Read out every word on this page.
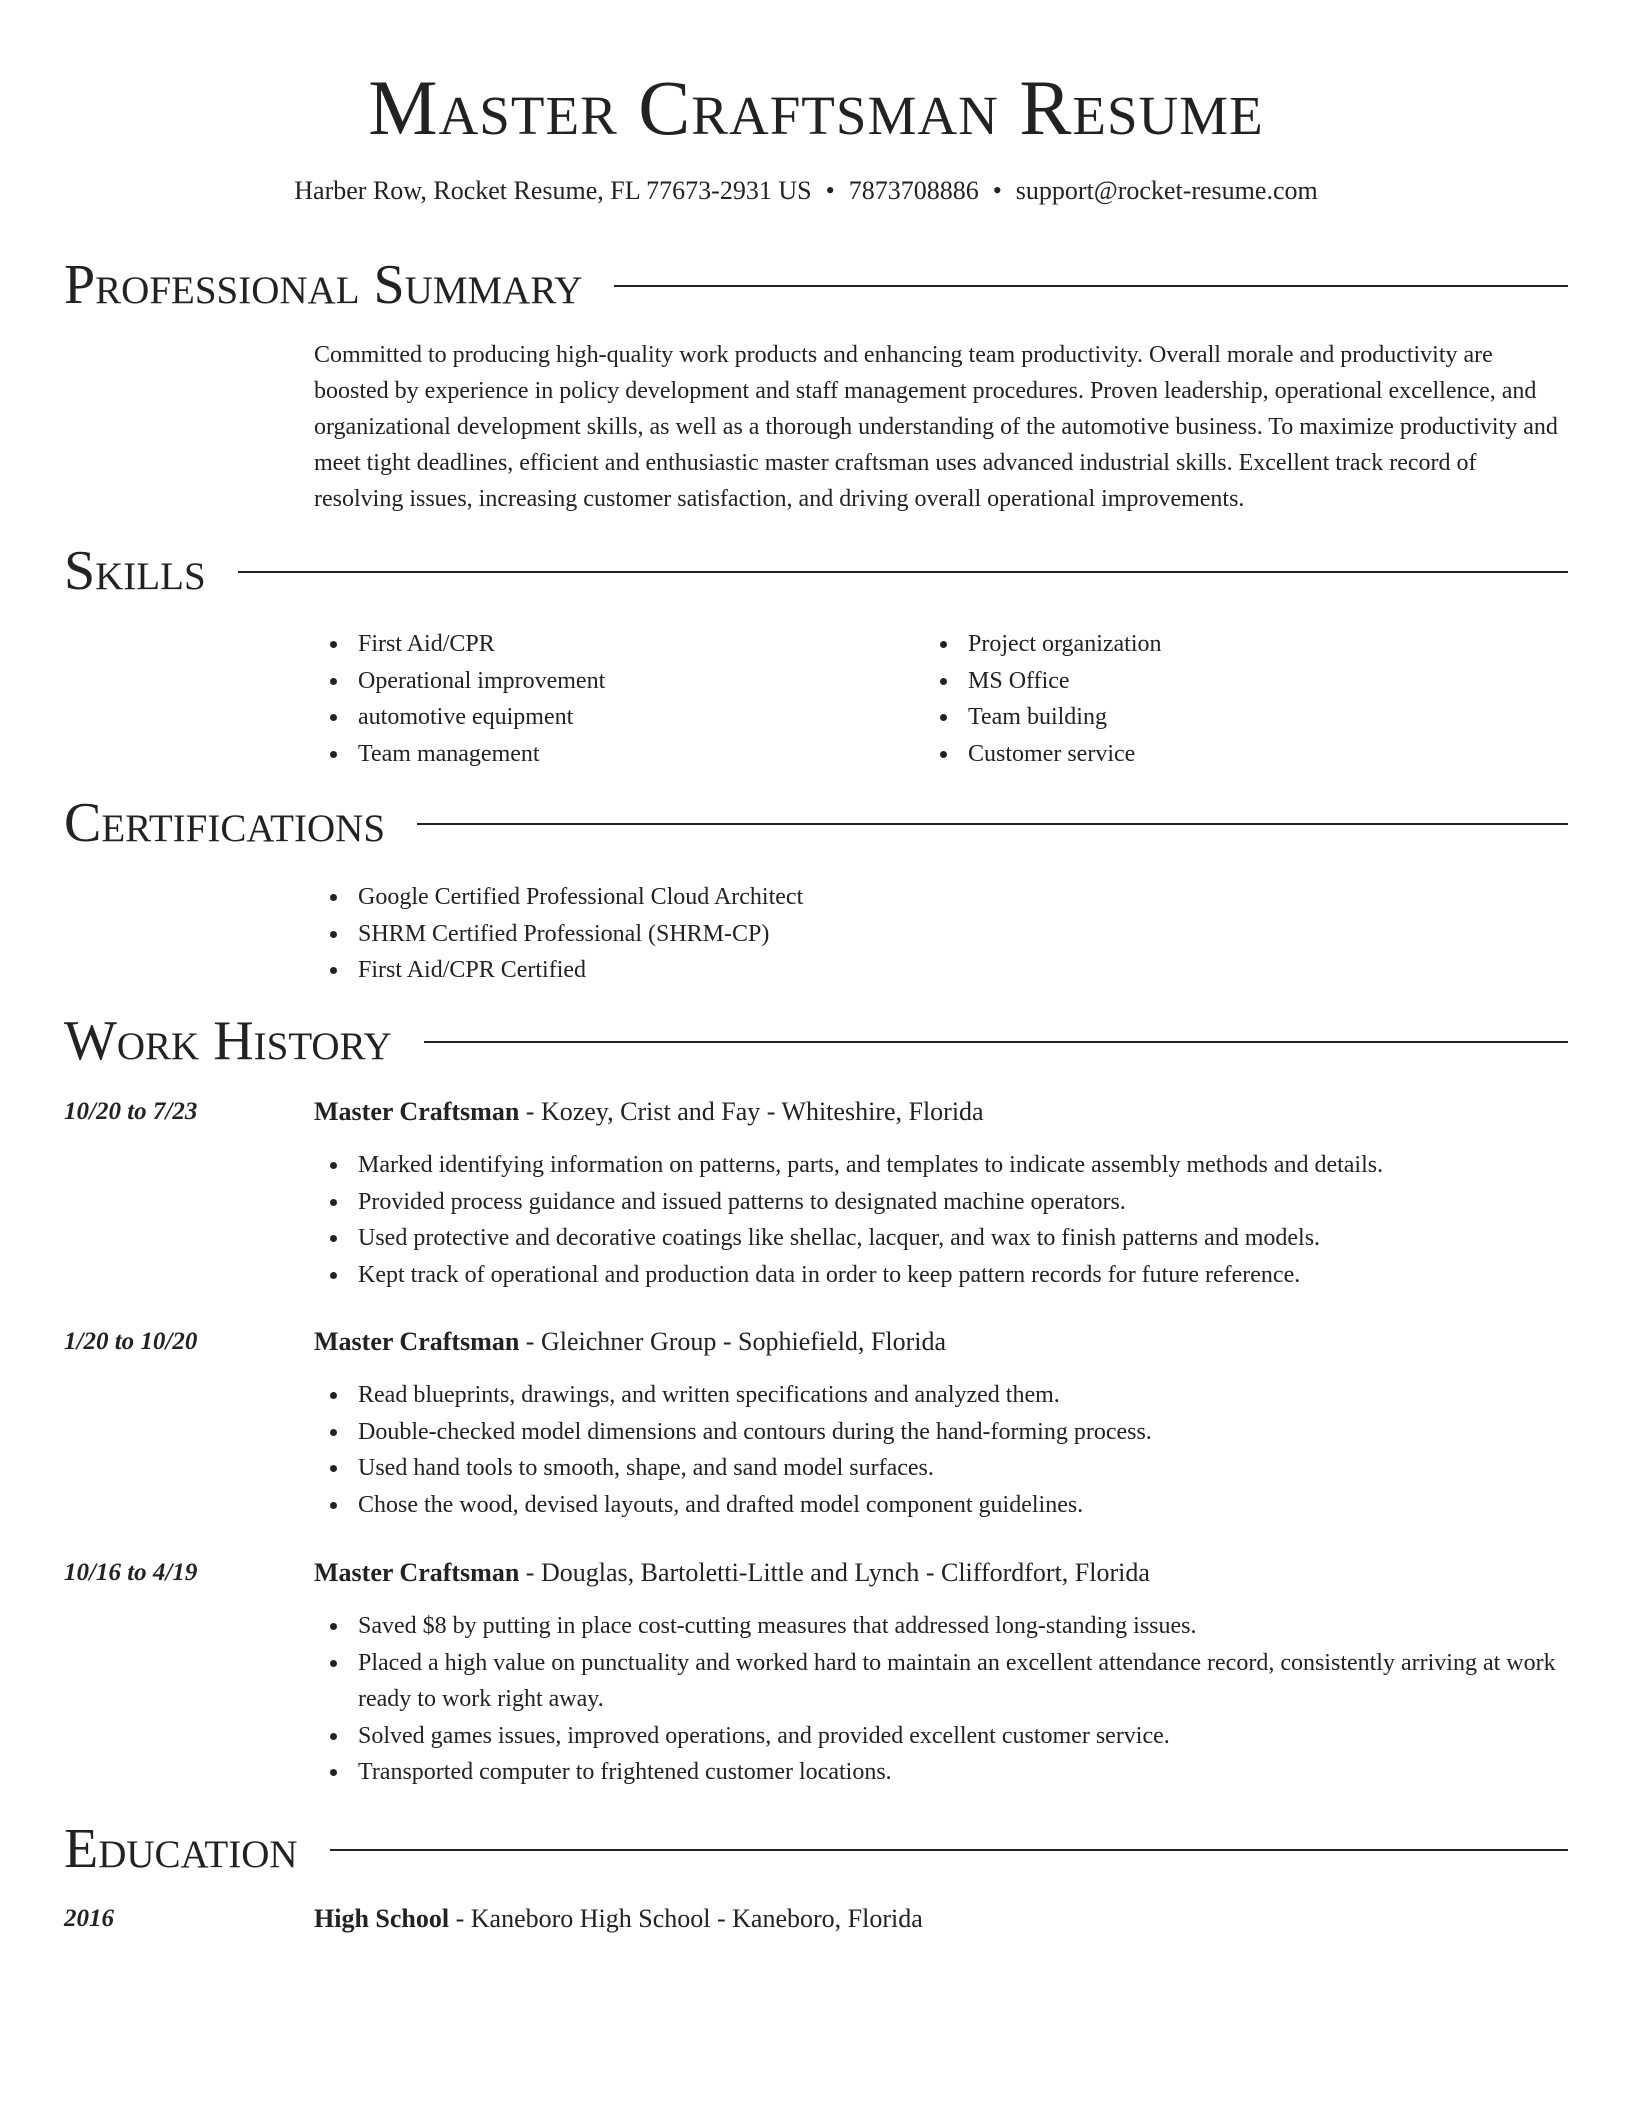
Master Craftsman Resume
Harber Row, Rocket Resume, FL 77673-2931 US • 7873708886 • support@rocket-resume.com
Professional Summary
Committed to producing high-quality work products and enhancing team productivity. Overall morale and productivity are boosted by experience in policy development and staff management procedures. Proven leadership, operational excellence, and organizational development skills, as well as a thorough understanding of the automotive business. To maximize productivity and meet tight deadlines, efficient and enthusiastic master craftsman uses advanced industrial skills. Excellent track record of resolving issues, increasing customer satisfaction, and driving overall operational improvements.
Skills
First Aid/CPR
Operational improvement
automotive equipment
Team management
Project organization
MS Office
Team building
Customer service
Certifications
Google Certified Professional Cloud Architect
SHRM Certified Professional (SHRM-CP)
First Aid/CPR Certified
Work History
10/20 to 7/23	Master Craftsman - Kozey, Crist and Fay - Whiteshire, Florida
Marked identifying information on patterns, parts, and templates to indicate assembly methods and details.
Provided process guidance and issued patterns to designated machine operators.
Used protective and decorative coatings like shellac, lacquer, and wax to finish patterns and models.
Kept track of operational and production data in order to keep pattern records for future reference.
1/20 to 10/20	Master Craftsman - Gleichner Group - Sophiefield, Florida
Read blueprints, drawings, and written specifications and analyzed them.
Double-checked model dimensions and contours during the hand-forming process.
Used hand tools to smooth, shape, and sand model surfaces.
Chose the wood, devised layouts, and drafted model component guidelines.
10/16 to 4/19	Master Craftsman - Douglas, Bartoletti-Little and Lynch - Cliffordfort, Florida
Saved $8 by putting in place cost-cutting measures that addressed long-standing issues.
Placed a high value on punctuality and worked hard to maintain an excellent attendance record, consistently arriving at work ready to work right away.
Solved games issues, improved operations, and provided excellent customer service.
Transported computer to frightened customer locations.
Education
2016	High School - Kaneboro High School - Kaneboro, Florida
